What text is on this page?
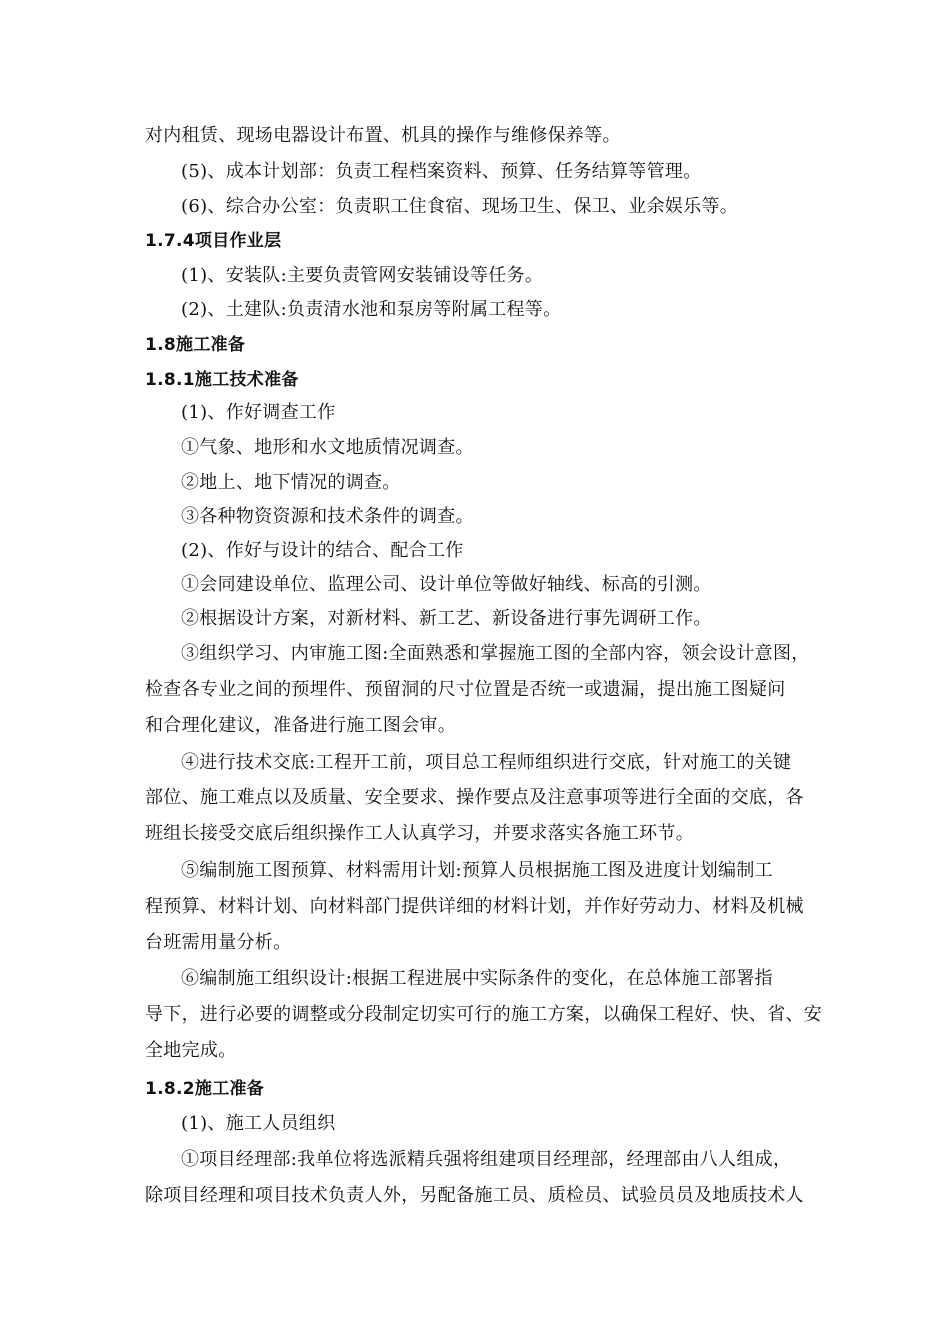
对内租赁、现场电器设计布置、机具的操作与维修保养等。
(5)、成本计划部：负责工程档案资料、预算、任务结算等管理。
(6)、综合办公室：负责职工住食宿、现场卫生、保卫、业余娱乐等。
1.7.4项目作业层
(1)、安装队:主要负责管网安装铺设等任务。
(2)、土建队:负责清水池和泵房等附属工程等。
1.8施工准备
1.8.1施工技术准备
(1)、作好调查工作
①气象、地形和水文地质情况调查。
②地上、地下情况的调查。
③各种物资资源和技术条件的调查。
(2)、作好与设计的结合、配合工作
①会同建设单位、监理公司、设计单位等做好轴线、标高的引测。
②根据设计方案，对新材料、新工艺、新设备进行事先调研工作。
③组织学习、内审施工图:全面熟悉和掌握施工图的全部内容，领会设计意图，
检查各专业之间的预埋件、预留洞的尺寸位置是否统一或遗漏，提出施工图疑问
和合理化建议，准备进行施工图会审。
④进行技术交底:工程开工前，项目总工程师组织进行交底，针对施工的关键
部位、施工难点以及质量、安全要求、操作要点及注意事项等进行全面的交底，各
班组长接受交底后组织操作工人认真学习，并要求落实各施工环节。
⑤编制施工图预算、材料需用计划:预算人员根据施工图及进度计划编制工
程预算、材料计划、向材料部门提供详细的材料计划，并作好劳动力、材料及机械
台班需用量分析。
⑥编制施工组织设计:根据工程进展中实际条件的变化，在总体施工部署指
导下，进行必要的调整或分段制定切实可行的施工方案，以确保工程好、快、省、安
全地完成。
1.8.2施工准备
(1)、施工人员组织
①项目经理部:我单位将选派精兵强将组建项目经理部，经理部由八人组成，
除项目经理和项目技术负责人外，另配备施工员、质检员、试验员员及地质技术人
